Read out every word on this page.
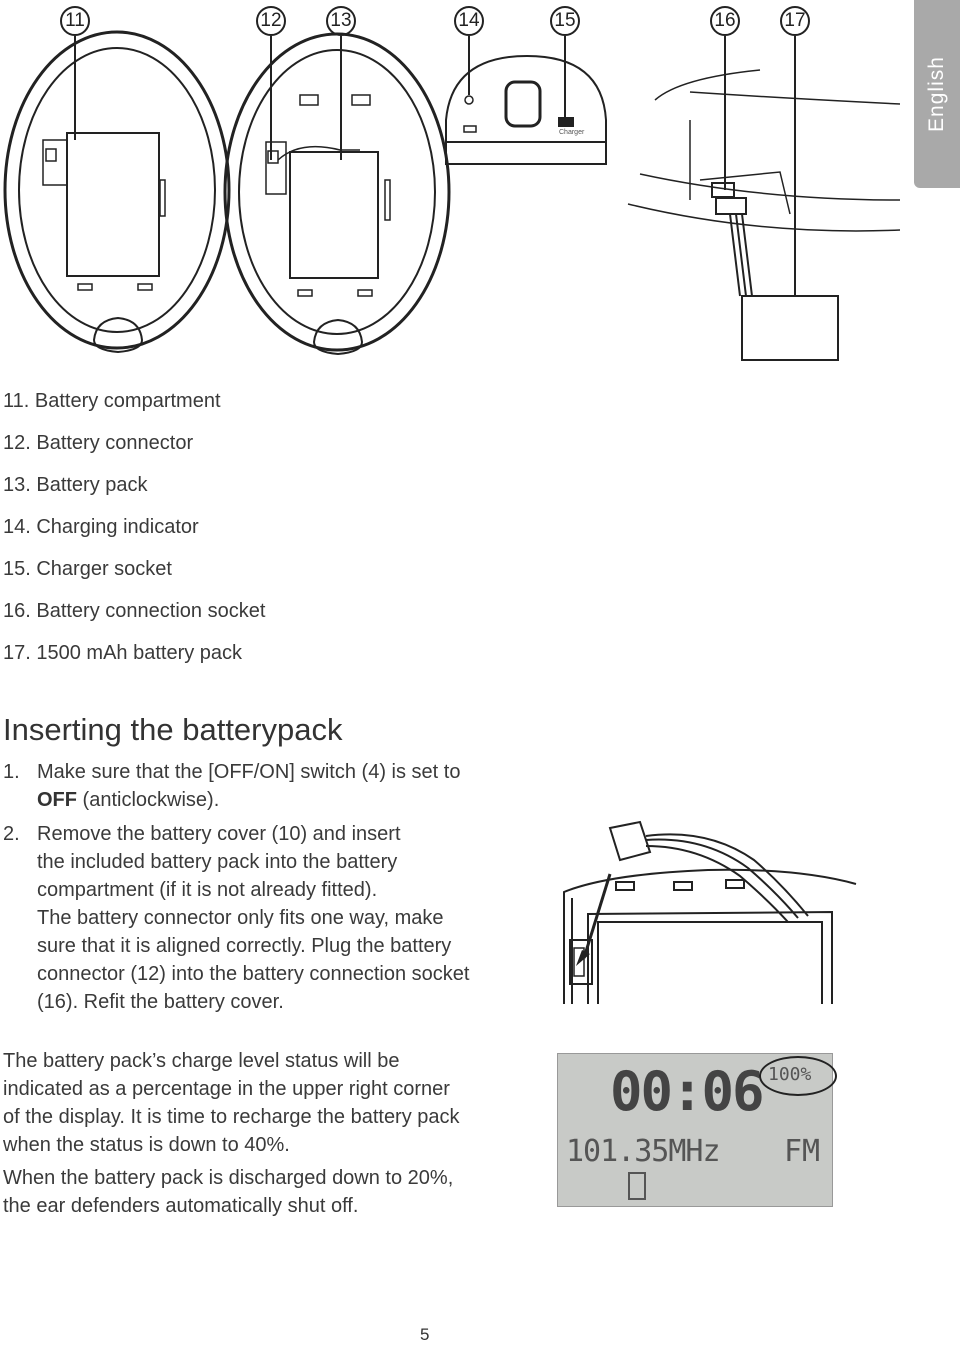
English
11	12	13	14	15	16	17
Charger
11. Battery compartment
12. Battery connector
13. Battery pack
14. Charging indicator
15. Charger socket
16. Battery connection socket
17. 1500 mAh battery pack
Inserting the batterypack
1. Make sure that the [OFF/ON] switch (4) is set to
OFF (anticlockwise).
2. Remove the battery cover (10) and insert
the included battery pack into the battery
compartment (if it is not already fitted).
The battery connector only fits one way, make
sure that it is aligned correctly. Plug the battery
connector (12) into the battery connection socket
(16). Refit the battery cover.
The battery pack’s charge level status will be
indicated as a percentage in the upper right corner
of the display. It is time to recharge the battery pack
when the status is down to 40%.
When the battery pack is discharged down to 20%,
the ear defenders automatically shut off.
00:06 100%
101.35MHz FM
5
